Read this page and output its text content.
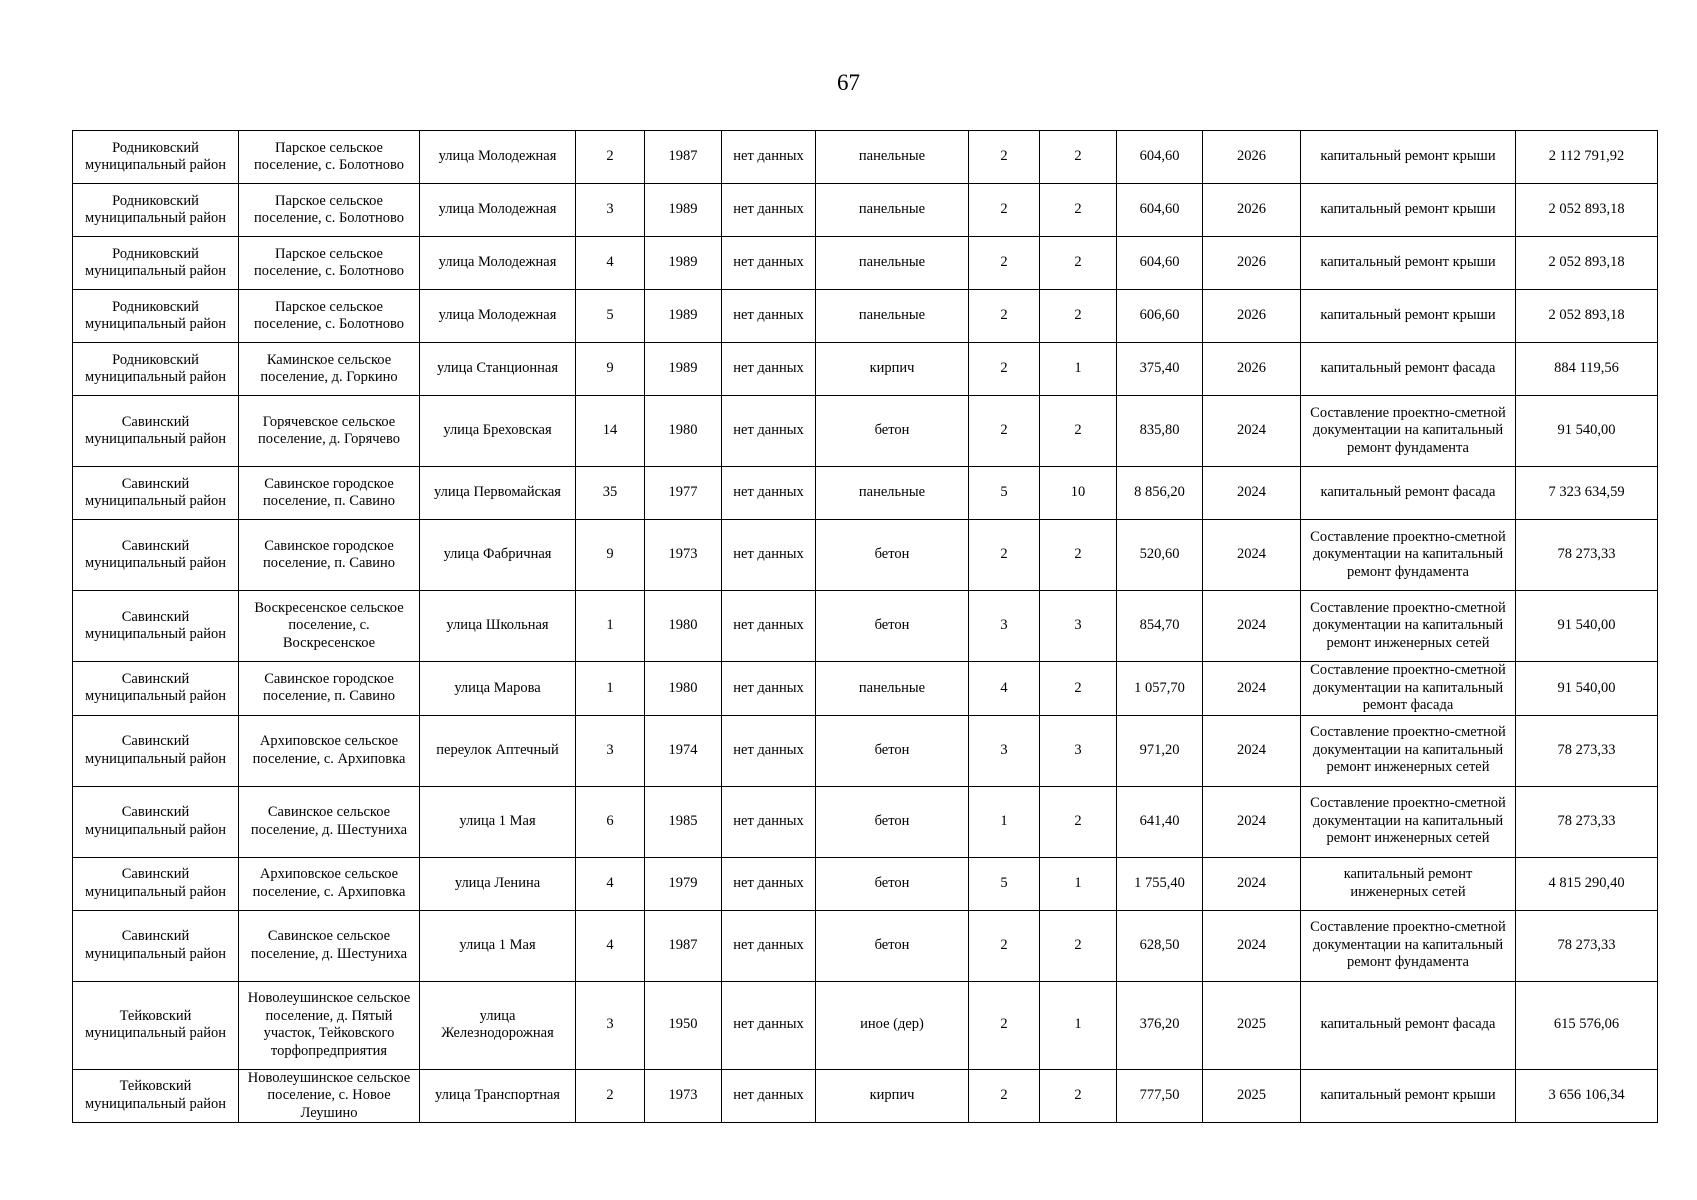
67
Родниковский муниципальный район	Парское сельское поселение, с. Болотново	улица Молодежная	2	1987	нет данных	панельные	2	2	604,60	2026	капитальный ремонт крыши	2 112 791,92
Родниковский муниципальный район	Парское сельское поселение, с. Болотново	улица Молодежная	3	1989	нет данных	панельные	2	2	604,60	2026	капитальный ремонт крыши	2 052 893,18
Родниковский муниципальный район	Парское сельское поселение, с. Болотново	улица Молодежная	4	1989	нет данных	панельные	2	2	604,60	2026	капитальный ремонт крыши	2 052 893,18
Родниковский муниципальный район	Парское сельское поселение, с. Болотново	улица Молодежная	5	1989	нет данных	панельные	2	2	606,60	2026	капитальный ремонт крыши	2 052 893,18
Родниковский муниципальный район	Каминское сельское поселение, д. Горкино	улица Станционная	9	1989	нет данных	кирпич	2	1	375,40	2026	капитальный ремонт фасада	884 119,56
Савинский муниципальный район	Горячевское сельское поселение, д. Горячево	улица Бреховская	14	1980	нет данных	бетон	2	2	835,80	2024	Составление проектно-сметной документации на капитальный ремонт фундамента	91 540,00
Савинский муниципальный район	Савинское городское поселение, п. Савино	улица Первомайская	35	1977	нет данных	панельные	5	10	8 856,20	2024	капитальный ремонт фасада	7 323 634,59
Савинский муниципальный район	Савинское городское поселение, п. Савино	улица Фабричная	9	1973	нет данных	бетон	2	2	520,60	2024	Составление проектно-сметной документации на капитальный ремонт фундамента	78 273,33
Савинский муниципальный район	Воскресенское сельское поселение, с. Воскресенское	улица Школьная	1	1980	нет данных	бетон	3	3	854,70	2024	Составление проектно-сметной документации на капитальный ремонт инженерных сетей	91 540,00
Савинский муниципальный район	Савинское городское поселение, п. Савино	улица Марова	1	1980	нет данных	панельные	4	2	1 057,70	2024	Составление проектно-сметной документации на капитальный ремонт фасада	91 540,00
Савинский муниципальный район	Архиповское сельское поселение, с. Архиповка	переулок Аптечный	3	1974	нет данных	бетон	3	3	971,20	2024	Составление проектно-сметной документации на капитальный ремонт инженерных сетей	78 273,33
Савинский муниципальный район	Савинское сельское поселение, д. Шестуниха	улица 1 Мая	6	1985	нет данных	бетон	1	2	641,40	2024	Составление проектно-сметной документации на капитальный ремонт инженерных сетей	78 273,33
Савинский муниципальный район	Архиповское сельское поселение, с. Архиповка	улица Ленина	4	1979	нет данных	бетон	5	1	1 755,40	2024	капитальный ремонт инженерных сетей	4 815 290,40
Савинский муниципальный район	Савинское сельское поселение, д. Шестуниха	улица 1 Мая	4	1987	нет данных	бетон	2	2	628,50	2024	Составление проектно-сметной документации на капитальный ремонт фундамента	78 273,33
Тейковский муниципальный район	Новолеушинское сельское поселение, д. Пятый участок, Тейковского торфопредприятия	улица Железнодорожная	3	1950	нет данных	иное (дер)	2	1	376,20	2025	капитальный ремонт фасада	615 576,06
Тейковский муниципальный район	Новолеушинское сельское поселение, с. Новое Леушино	улица Транспортная	2	1973	нет данных	кирпич	2	2	777,50	2025	капитальный ремонт крыши	3 656 106,34
